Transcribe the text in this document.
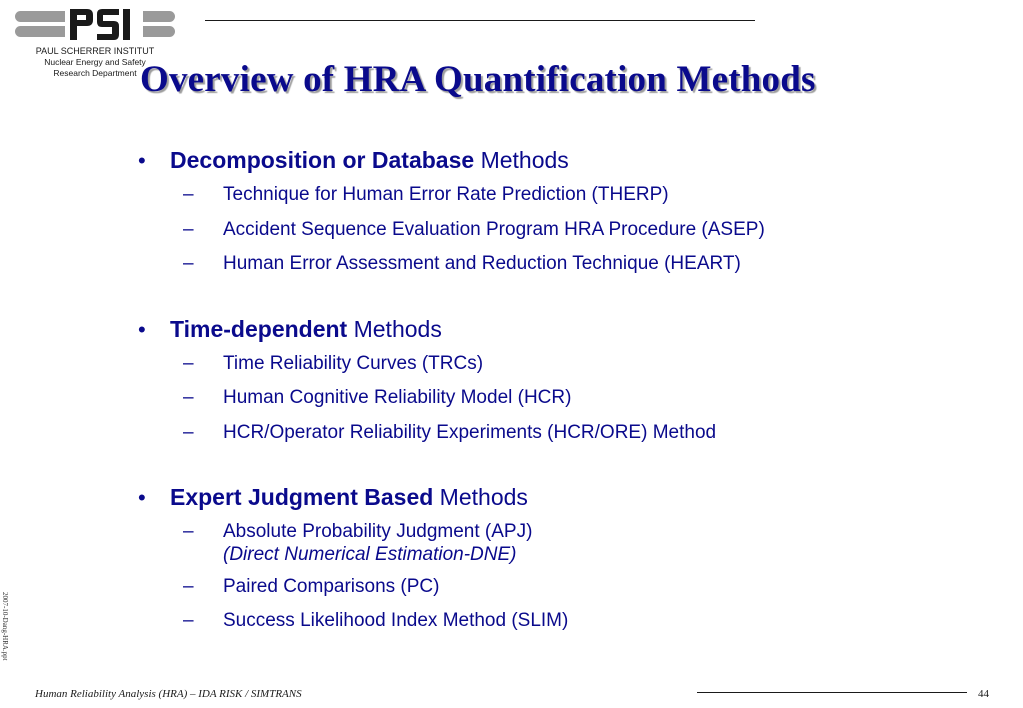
PAUL SCHERRER INSTITUT
Nuclear Energy and Safety
Research Department Overview of HRA Quantification Methods
•	Decomposition or Database Methods
–	Technique for Human Error Rate Prediction (THERP)
–	Accident Sequence Evaluation Program HRA Procedure (ASEP)
–	Human Error Assessment and Reduction Technique (HEART)
•	Time-dependent Methods
–	Time Reliability Curves (TRCs)
–	Human Cognitive Reliability Model (HCR)
–	HCR/Operator Reliability Experiments (HCR/ORE) Method
•	Expert Judgment Based Methods
–	Absolute Probability Judgment (APJ)
(Direct Numerical Estimation-DNE)
–	Paired Comparisons (PC)
–	Success Likelihood Index Method (SLIM)
2007-10-Dang-HRA.ppt
Human Reliability Analysis (HRA) – IDA RISK / SIMTRANS	44
